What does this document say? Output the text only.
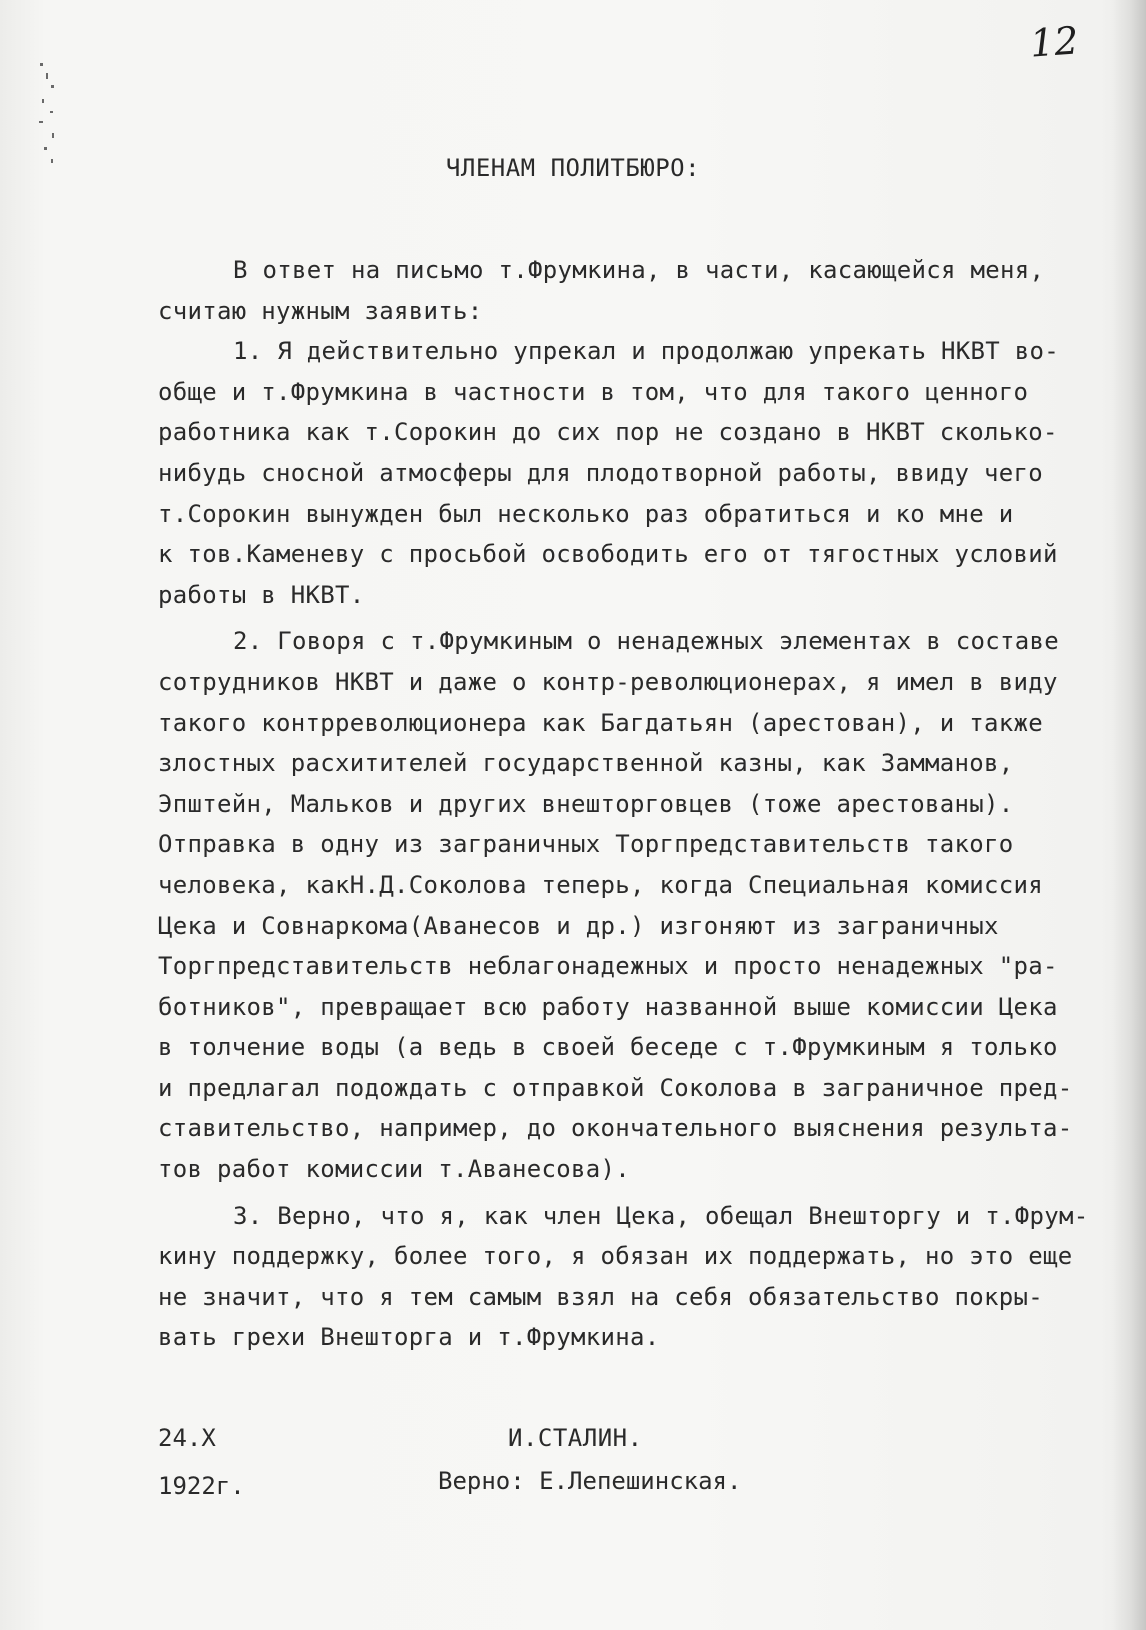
12
ЧЛЕНАМ ПОЛИТБЮРО:

В ответ на письмо т.Фрумкина, в части, касающейся меня,
считаю нужным заявить:

1. Я действительно упрекал и продолжаю упрекать НКВТ во-
обще и т.Фрумкина в частности в том, что для такого ценного
работника как т.Сорокин до сих пор не создано в НКВТ сколько-
нибудь сносной атмосферы для плодотворной работы, ввиду чего
т.Сорокин вынужден был несколько раз обратиться и ко мне и
к тов.Каменеву с просьбой освободить его от тягостных условий
работы в НКВТ.

2. Говоря с т.Фрумкиным о ненадежных элементах в составе
сотрудников НКВТ и даже о контр-революционерах, я имел в виду
такого контрреволюционера как Багдатьян (арестован), и также
злостных расхитителей государственной казны, как Замманов,
Эпштейн, Мальков и других внешторговцев (тоже арестованы).
Отправка в одну из заграничных Торгпредставительств такого
человека, какН.Д.Соколова теперь, когда Специальная комиссия
Цека и Совнаркома(Аванесов и др.) изгоняют из заграничных
Торгпредставительств неблагонадежных и просто ненадежных "ра-
ботников", превращает всю работу названной выше комиссии Цека
в толчение воды (а ведь в своей беседе с т.Фрумкиным я только
и предлагал подождать с отправкой Соколова в заграничное пред-
ставительство, например, до окончательного выяснения результа-
тов работ комиссии т.Аванесова).

3. Верно, что я, как член Цека, обещал Внешторгу и т.Фрум-
кину поддержку, более того, я обязан их поддержать, но это еще
не значит, что я тем самым взял на себя обязательство покры-
вать грехи Внешторга и т.Фрумкина.

24.X

1922г.

И.СТАЛИН.

Верно: Е.Лепешинская.
